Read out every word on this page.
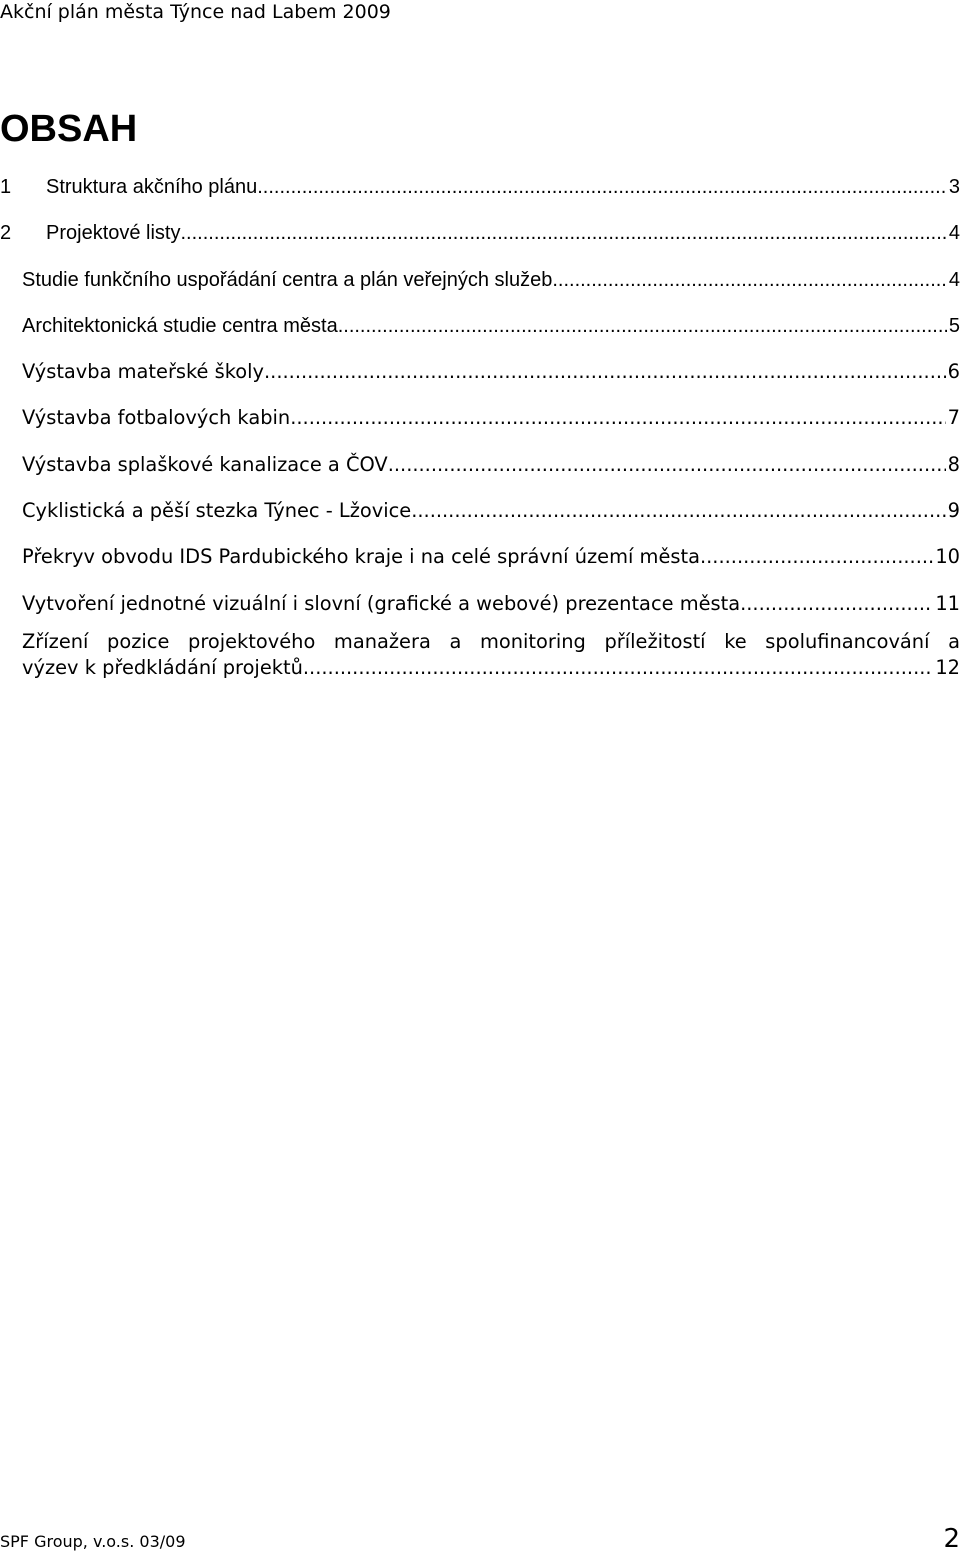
Akční plán města Týnce nad Labem 2009
OBSAH
1	Struktura akčního plánu .....	3
2	Projektové listy .....	4
Studie funkčního uspořádání centra a plán veřejných služeb .....	4
Architektonická studie centra města .....	5
Výstavba mateřské školy .....	6
Výstavba fotbalových kabin .....	7
Výstavba splaškové kanalizace a ČOV .....	8
Cyklistická a pěší stezka Týnec - Lžovice .....	9
Překryv obvodu IDS Pardubického kraje i na celé správní území města .....	10
Vytvoření jednotné vizuální i slovní (grafické a webové) prezentace města .....	11
Zřízení pozice projektového manažera a monitoring příležitostí ke spolufinancování a
výzev k předkládání projektů .....	12
SPF Group, v.o.s. 03/09	2
